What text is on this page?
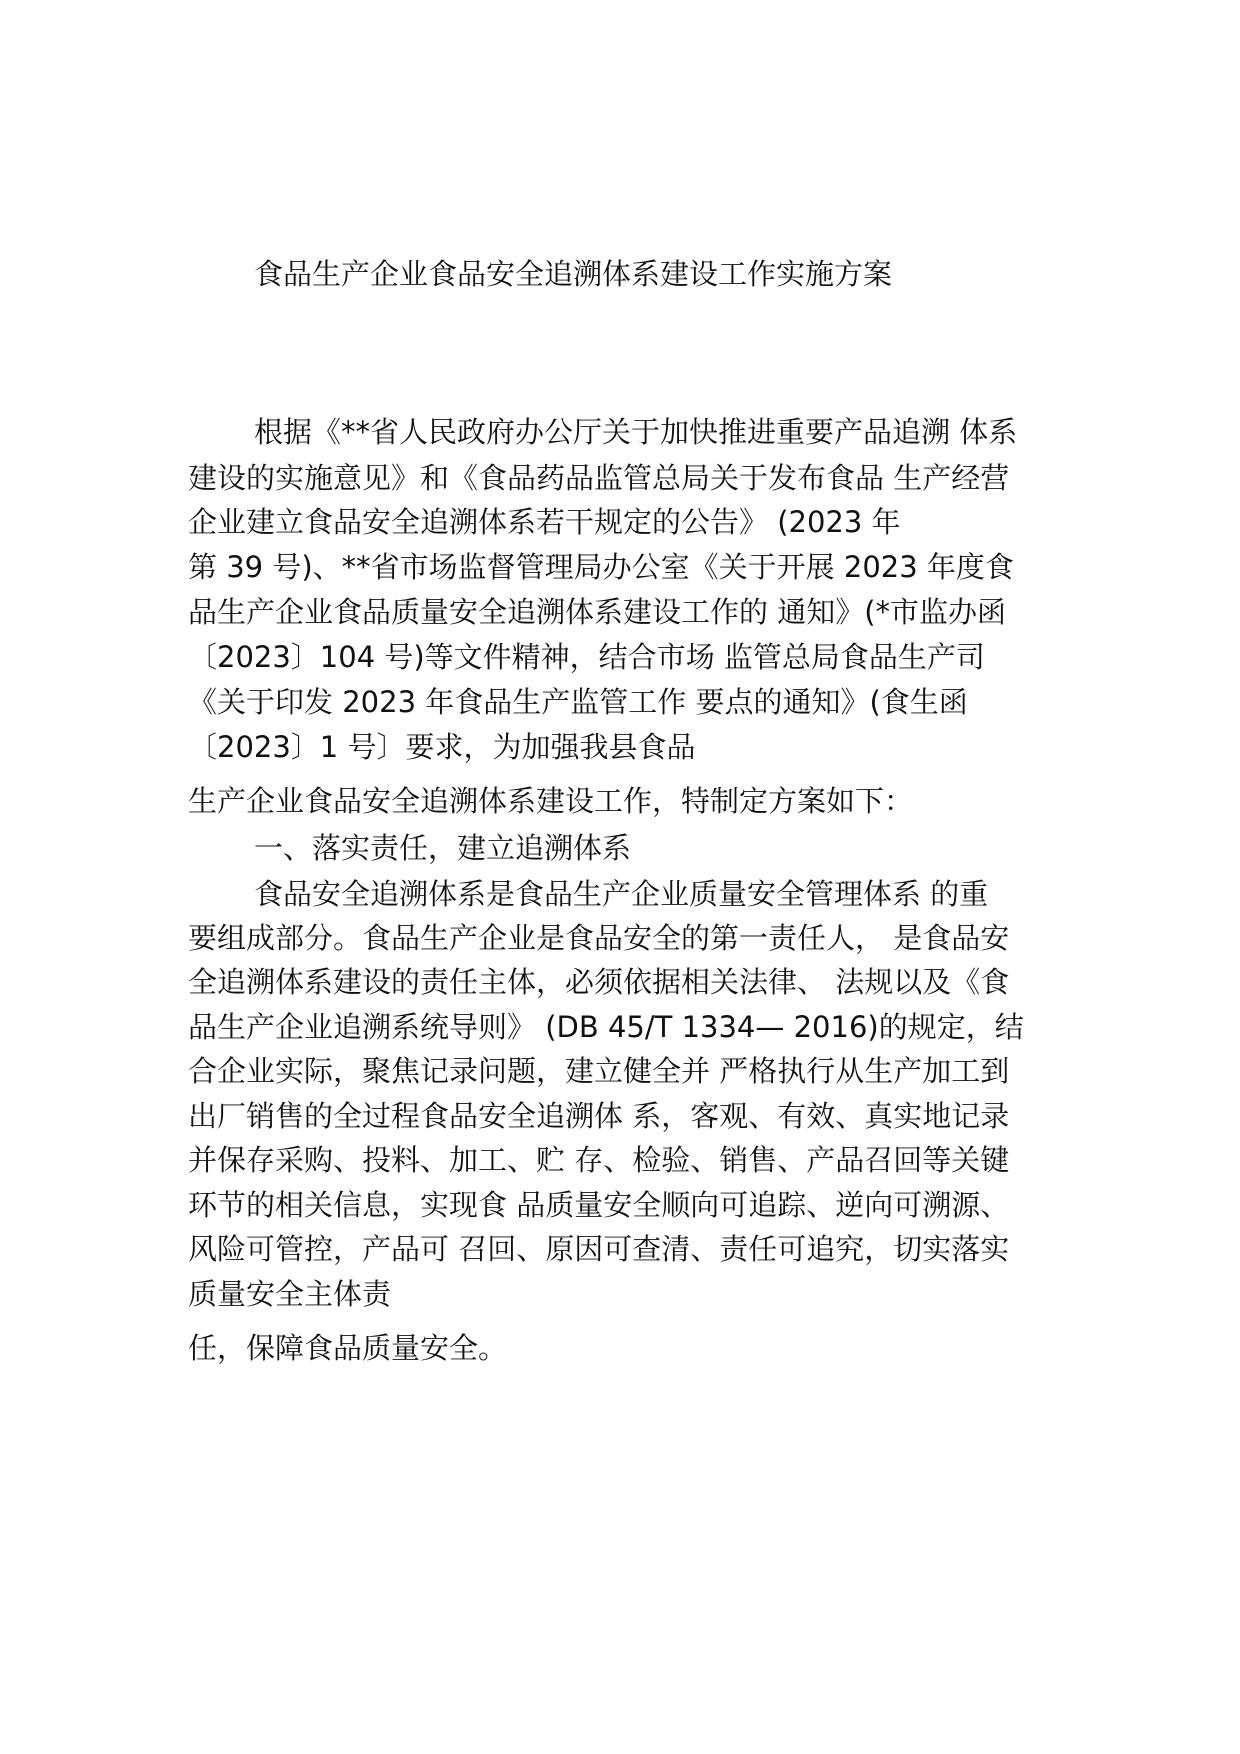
食品生产企业食品安全追溯体系建设工作实施方案
根据《**省人民政府办公厅关于加快推进重要产品追溯 体系
建设的实施意见》和《食品药品监管总局关于发布食品 生产经营
企业建立食品安全追溯体系若干规定的公告》 (2023 年
第 39 号)、**省市场监督管理局办公室《关于开展 2023 年度食
品生产企业食品质量安全追溯体系建设工作的 通知》(*市监办函
〔2023〕104 号)等文件精神，结合市场 监管总局食品生产司
《关于印发 2023 年食品生产监管工作 要点的通知》(食生函
〔2023〕1 号〕要求，为加强我县食品
生产企业食品安全追溯体系建设工作，特制定方案如下：
一、落实责任，建立追溯体系
食品安全追溯体系是食品生产企业质量安全管理体系 的重
要组成部分。食品生产企业是食品安全的第一责任人， 是食品安
全追溯体系建设的责任主体，必须依据相关法律、 法规以及《食
品生产企业追溯系统导则》 (DB 45/T 1334— 2016)的规定，结
合企业实际，聚焦记录问题，建立健全并 严格执行从生产加工到
出厂销售的全过程食品安全追溯体 系，客观、有效、真实地记录
并保存采购、投料、加工、贮 存、检验、销售、产品召回等关键
环节的相关信息，实现食 品质量安全顺向可追踪、逆向可溯源、
风险可管控，产品可 召回、原因可查清、责任可追究，切实落实
质量安全主体责
任，保障食品质量安全。
